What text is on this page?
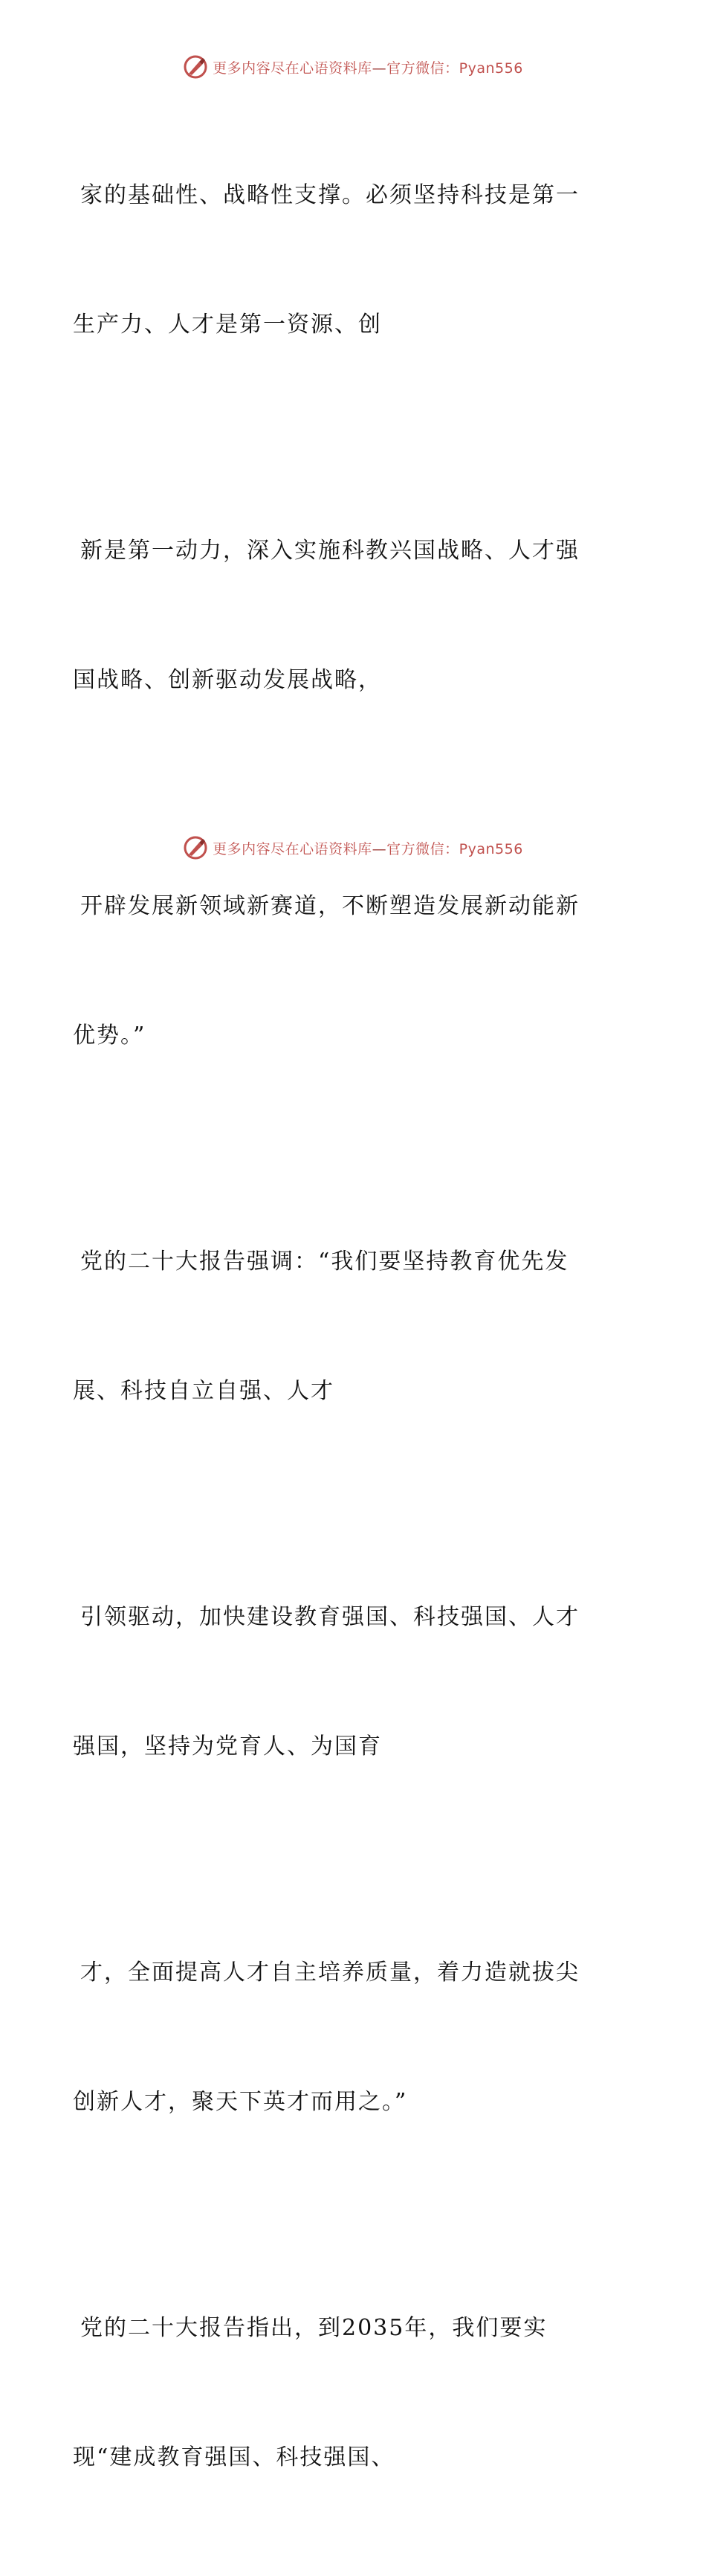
更多内容尽在心语资料库—官方微信：Pyan556

家的基础性、战略性支撑。必须坚持科技是第一

生产力、人才是第一资源、创

新是第一动力，深入实施科教兴国战略、人才强

国战略、创新驱动发展战略，

开辟发展新领域新赛道，不断塑造发展新动能新

优势。”

党的二十大报告强调：“我们要坚持教育优先发

展、科技自立自强、人才

引领驱动，加快建设教育强国、科技强国、人才

强国，坚持为党育人、为国育

才，全面提高人才自主培养质量，着力造就拔尖

创新人才，聚天下英才而用之。”

党的二十大报告指出，到2035年，我们要实

现“建成教育强国、科技强国、

更多内容尽在心语资料库—官方微信：Pyan556
